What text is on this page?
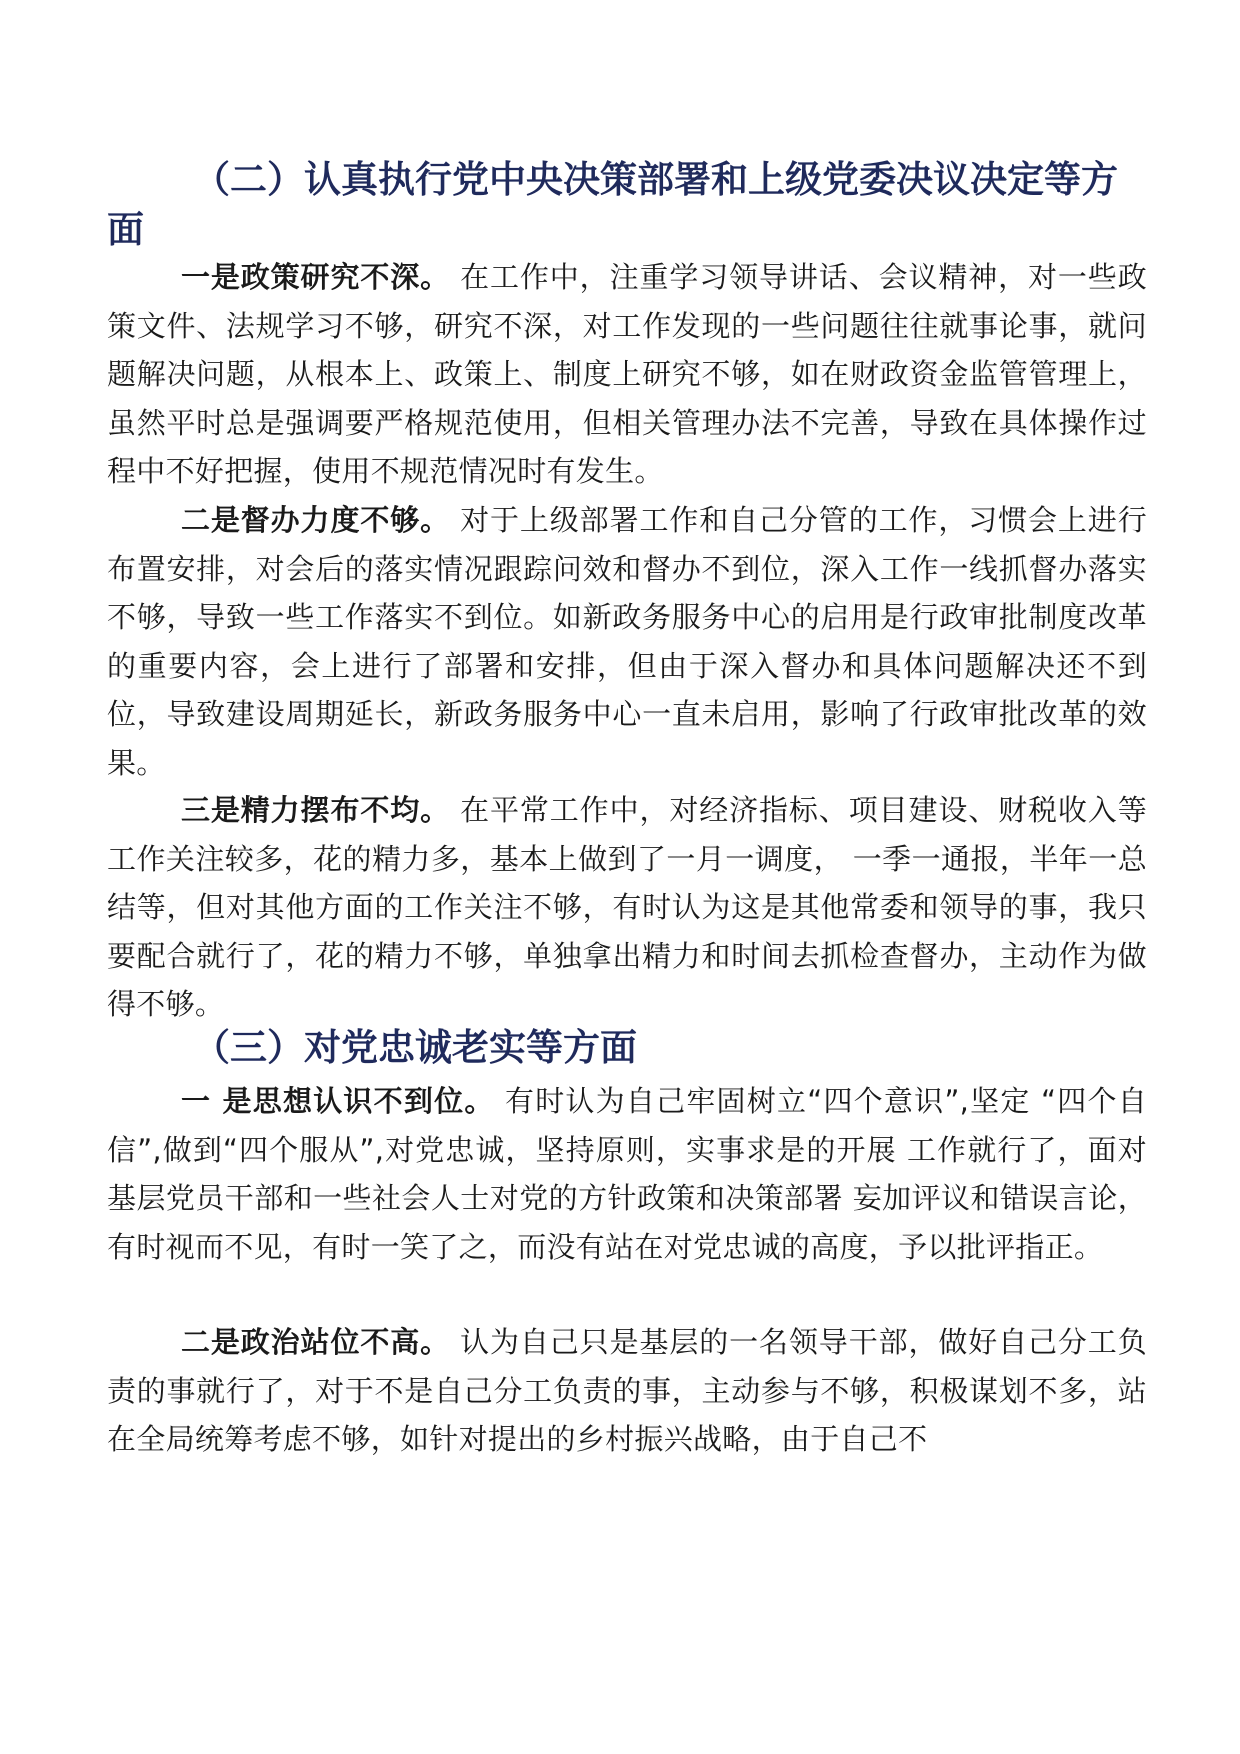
（二）认真执行党中央决策部署和上级党委决议决定等方面

一是政策研究不深。 在工作中，注重学习领导讲话、会议精神，对一些政策文件、法规学习不够，研究不深，对工作发现的一些问题往往就事论事，就问题解决问题，从根本上、政策上、制度上研究不够，如在财政资金监管管理上，虽然平时总是强调要严格规范使用，但相关管理办法不完善，导致在具体操作过程中不好把握，使用不规范情况时有发生。

二是督办力度不够。 对于上级部署工作和自己分管的工作，习惯会上进行布置安排，对会后的落实情况跟踪问效和督办不到位，深入工作一线抓督办落实不够，导致一些工作落实不到位。如新政务服务中心的启用是行政审批制度改革的重要内容，会上进行了部署和安排，但由于深入督办和具体问题解决还不到位，导致建设周期延长，新政务服务中心一直未启用，影响了行政审批改革的效果。

三是精力摆布不均。 在平常工作中，对经济指标、项目建设、财税收入等工作关注较多，花的精力多，基本上做到了一月一调度， 一季一通报，半年一总结等，但对其他方面的工作关注不够，有时认为这是其他常委和领导的事，我只要配合就行了，花的精力不够，单独拿出精力和时间去抓检查督办，主动作为做得不够。

（三）对党忠诚老实等方面

一 是思想认识不到位。 有时认为自己牢固树立“四个意识”,坚定 “四个自信”,做到“四个服从”,对党忠诚，坚持原则，实事求是的开展 工作就行了，面对基层党员干部和一些社会人士对党的方针政策和决策部署 妄加评议和错误言论，有时视而不见，有时一笑了之，而没有站在对党忠诚的高度，予以批评指正。

二是政治站位不高。 认为自己只是基层的一名领导干部，做好自己分工负责的事就行了，对于不是自己分工负责的事，主动参与不够，积极谋划不多，站在全局统筹考虑不够，如针对提出的乡村振兴战略，由于自己不
